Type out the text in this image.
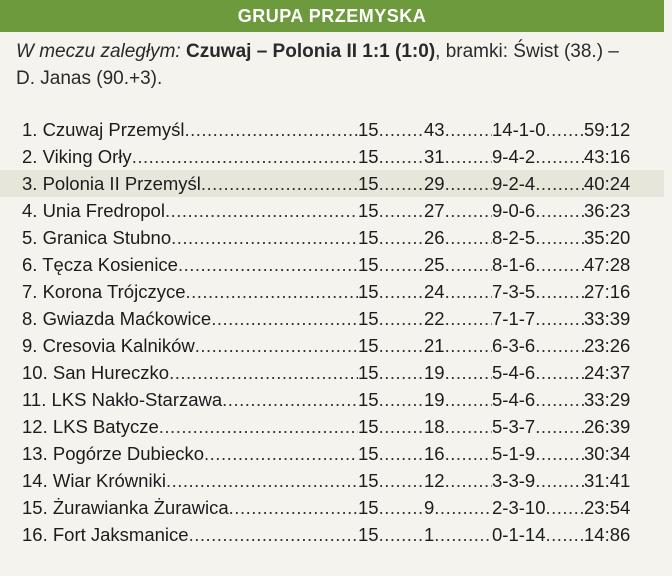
GRUPA PRZEMYSKA
W meczu zaległym: Czuwaj – Polonia II 1:1 (1:0), bramki: Świst (38.) –
D. Janas (90.+3).
1. Czuwaj Przemyśl .....	15 .....	43 .....	14-1-0 .....	59:12
2. Viking Orły .....	15 .....	31 .....	9-4-2 .....	43:16
3. Polonia II Przemyśl .....	15 .....	29 .....	9-2-4 .....	40:24
4. Unia Fredropol .....	15 .....	27 .....	9-0-6 .....	36:23
5. Granica Stubno .....	15 .....	26 .....	8-2-5 .....	35:20
6. Tęcza Kosienice .....	15 .....	25 .....	8-1-6 .....	47:28
7. Korona Trójczyce .....	15 .....	24 .....	7-3-5 .....	27:16
8. Gwiazda Maćkowice .....	15 .....	22 .....	7-1-7 .....	33:39
9. Cresovia Kalników .....	15 .....	21 .....	6-3-6 .....	23:26
10. San Hureczko .....	15 .....	19 .....	5-4-6 .....	24:37
11. LKS Nakło-Starzawa .....	15 .....	19 .....	5-4-6 .....	33:29
12. LKS Batycze .....	15 .....	18 .....	5-3-7 .....	26:39
13. Pogórze Dubiecko .....	15 .....	16 .....	5-1-9 .....	30:34
14. Wiar Krówniki .....	15 .....	12 .....	3-3-9 .....	31:41
15. Żurawianka Żurawica .....	15 .....	9 .....	2-3-10 .....	23:54
16. Fort Jaksmanice .....	15 .....	1 .....	0-1-14 .....	14:86
